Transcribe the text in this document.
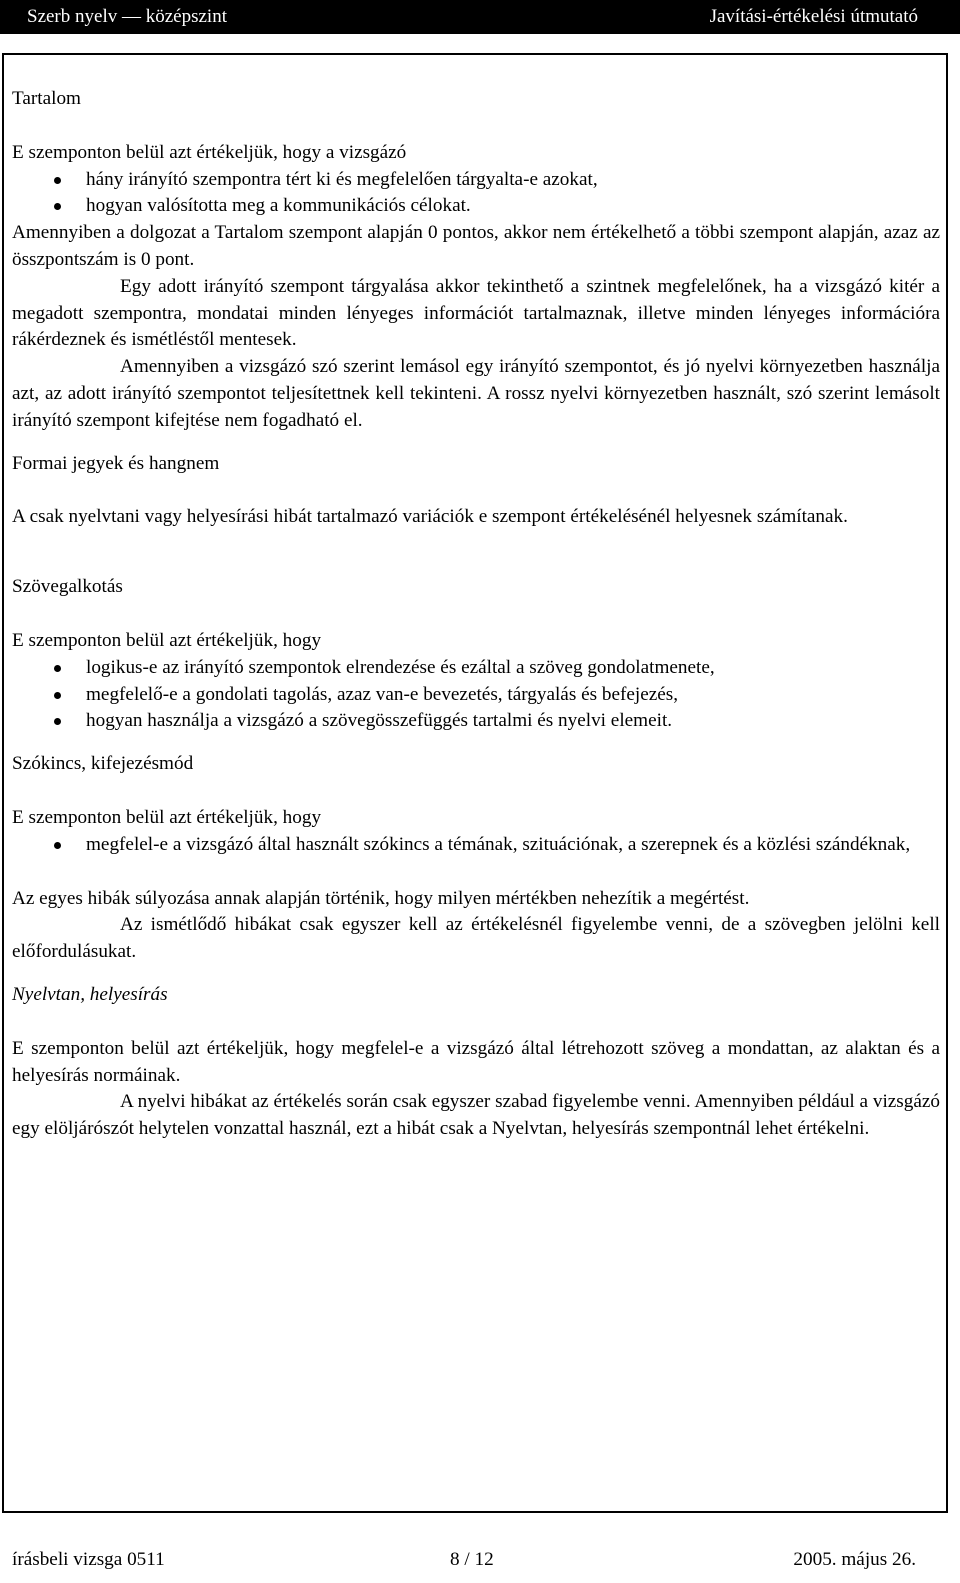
Szerb nyelv — középszint	Javítási-értékelési útmutató

Tartalom

E szemponton belül azt értékeljük, hogy a vizsgázó

hány irányító szempontra tért ki és megfelelően tárgyalta-e azokat,
hogyan valósította meg a kommunikációs célokat.

Amennyiben a dolgozat a Tartalom szempont alapján 0 pontos, akkor nem értékelhető a többi szempont alapján, azaz az összpontszám is 0 pont.

Egy adott irányító szempont tárgyalása akkor tekinthető a szintnek megfelelőnek, ha a vizsgázó kitér a megadott szempontra, mondatai minden lényeges információt tartalmaznak, illetve minden lényeges információra rákérdeznek és ismétléstől mentesek.

Amennyiben a vizsgázó szó szerint lemásol egy irányító szempontot, és jó nyelvi környezetben használja azt, az adott irányító szempontot teljesítettnek kell tekinteni. A rossz nyelvi környezetben használt, szó szerint lemásolt irányító szempont kifejtése nem fogadható el.

Formai jegyek és hangnem

A csak nyelvtani vagy helyesírási hibát tartalmazó variációk e szempont értékelésénél helyesnek számítanak.

Szövegalkotás

E szemponton belül azt értékeljük, hogy

logikus-e az irányító szempontok elrendezése és ezáltal a szöveg gondolatmenete,
megfelelő-e a gondolati tagolás, azaz van-e bevezetés, tárgyalás és befejezés,
hogyan használja a vizsgázó a szövegösszefüggés tartalmi és nyelvi elemeit.

Szókincs, kifejezésmód

E szemponton belül azt értékeljük, hogy

megfelel-e a vizsgázó által használt szókincs a témának, szituációnak, a szerepnek és a közlési szándéknak,

Az egyes hibák súlyozása annak alapján történik, hogy milyen mértékben nehezítik a megértést.

Az ismétlődő hibákat csak egyszer kell az értékelésnél figyelembe venni, de a szövegben jelölni kell előfordulásukat.

Nyelvtan, helyesírás

E szemponton belül azt értékeljük, hogy megfelel-e a vizsgázó által létrehozott szöveg a mondattan, az alaktan és a helyesírás normáinak.

A nyelvi hibákat az értékelés során csak egyszer szabad figyelembe venni. Amennyiben például a vizsgázó egy elöljárószót helytelen vonzattal használ, ezt a hibát csak a Nyelvtan, helyesírás szempontnál lehet értékelni.

írásbeli vizsga 0511	8 / 12	2005. május 26.
